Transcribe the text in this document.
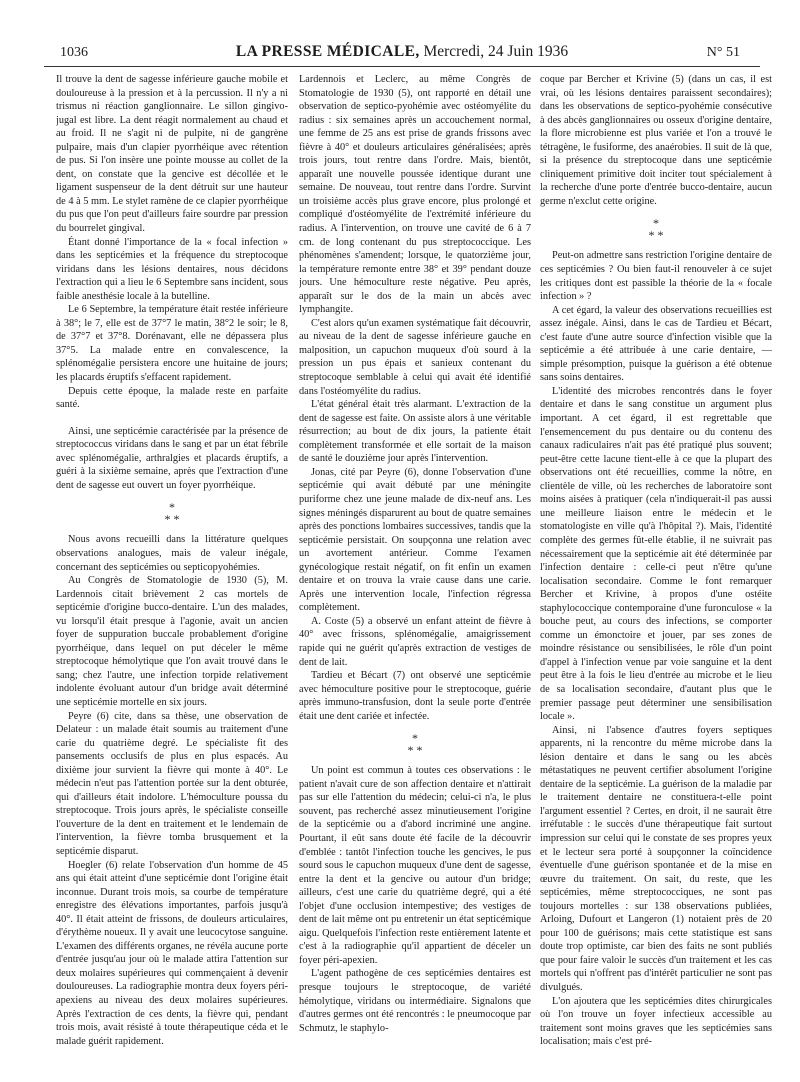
1036	LA PRESSE MÉDICALE, Mercredi, 24 Juin 1936	N° 51

Il trouve la dent de sagesse inférieure gauche mobile et douloureuse à la pression et à la percussion. Il n'y a ni trismus ni réaction ganglionnaire. Le sillon gingivo-jugal est libre. La dent réagit normalement au chaud et au froid. Il ne s'agit ni de pulpite, ni de gangrène pulpaire, mais d'un clapier pyorrhéique avec rétention de pus. Si l'on insère une pointe mousse au collet de la dent, on constate que la gencive est décollée et le ligament suspenseur de la dent détruit sur une hauteur de 4 à 5 mm. Le stylet ramène de ce clapier pyorrhéique du pus que l'on peut d'ailleurs faire sourdre par pression du bourrelet gingival.

Étant donné l'importance de la « focal infection » dans les septicémies et la fréquence du streptocoque viridans dans les lésions dentaires, nous décidons l'extraction qui a lieu le 6 Septembre sans incident, sous faible anesthésie locale à la butelline.

Le 6 Septembre, la température était restée inférieure à 38°; le 7, elle est de 37°7 le matin, 38°2 le soir; le 8, de 37°7 et 37°8. Dorénavant, elle ne dépassera plus 37°5. La malade entre en convalescence, la splénomégalie persistera encore une huitaine de jours; les placards éruptifs s'effacent rapidement.

Depuis cette époque, la malade reste en parfaite santé.

Ainsi, une septicémie caractérisée par la présence de streptococcus viridans dans le sang et par un état fébrile avec splénomégalie, arthralgies et placards éruptifs, a guéri à la sixième semaine, après que l'extraction d'une dent de sagesse eut ouvert un foyer pyorrhéique.

*
* *

Nous avons recueilli dans la littérature quelques observations analogues, mais de valeur inégale, concernant des septicémies ou septicopyohémies.

Au Congrès de Stomatologie de 1930 (5), M. Lardennois citait brièvement 2 cas mortels de septicémie d'origine bucco-dentaire. L'un des malades, vu lorsqu'il était presque à l'agonie, avait un ancien foyer de suppuration buccale probablement d'origine pyorrhéique, dans lequel on put déceler le même streptocoque hémolytique que l'on avait trouvé dans le sang; chez l'autre, une infection torpide relativement indolente évoluant autour d'un bridge avait déterminé une septicémie mortelle en six jours.

Peyre (6) cite, dans sa thèse, une observation de Delateur : un malade était soumis au traitement d'une carie du quatrième degré. Le spécialiste fit des pansements occlusifs de plus en plus espacés. Au dixième jour survient la fièvre qui monte à 40°. Le médecin n'eut pas l'attention portée sur la dent obturée, qui d'ailleurs était indolore. L'hémoculture poussa du streptocoque. Trois jours après, le spécialiste conseille l'ouverture de la dent en traitement et le lendemain de l'intervention, la fièvre tomba brusquement et la septicémie disparut.

Hoegler (6) relate l'observation d'un homme de 45 ans qui était atteint d'une septicémie dont l'origine était inconnue. Durant trois mois, sa courbe de température enregistre des élévations importantes, parfois jusqu'à 40°. Il était atteint de frissons, de douleurs articulaires, d'érythème noueux. Il y avait une leucocytose sanguine. L'examen des différents organes, ne révéla aucune porte d'entrée jusqu'au jour où le malade attira l'attention sur deux molaires supérieures qui commençaient à devenir douloureuses. La radiographie montra deux foyers péri-apexiens au niveau des deux molaires supérieures. Après l'extraction de ces dents, la fièvre qui, pendant trois mois, avait résisté à toute thérapeutique céda et le malade guérit rapidement.

Lardennois et Leclerc, au même Congrès de Stomatologie de 1930 (5), ont rapporté en détail une observation de septico-pyohémie avec ostéomyélite du radius : six semaines après un accouchement normal, une femme de 25 ans est prise de grands frissons avec fièvre à 40° et douleurs articulaires généralisées; après trois jours, tout rentre dans l'ordre. Mais, bientôt, apparaît une nouvelle poussée identique durant une semaine. De nouveau, tout rentre dans l'ordre. Survint un troisième accès plus grave encore, plus prolongé et compliqué d'ostéomyélite de l'extrémité inférieure du radius. A l'intervention, on trouve une cavité de 6 à 7 cm. de long contenant du pus streptococcique. Les phénomènes s'amendent; lorsque, le quatorzième jour, la température remonte entre 38° et 39° pendant douze jours. Une hémoculture reste négative. Peu après, apparaît sur le dos de la main un abcès avec lymphangite.

C'est alors qu'un examen systématique fait découvrir, au niveau de la dent de sagesse inférieure gauche en malposition, un capuchon muqueux d'où sourd à la pression un pus épais et sanieux contenant du streptocoque semblable à celui qui avait été identifié dans l'ostéomyélite du radius.

L'état général était très alarmant. L'extraction de la dent de sagesse est faite. On assiste alors à une véritable résurrection; au bout de dix jours, la patiente était complètement transformée et elle sortait de la maison de santé le douzième jour après l'intervention.

Jonas, cité par Peyre (6), donne l'observation d'une septicémie qui avait débuté par une méningite puriforme chez une jeune malade de dix-neuf ans. Les signes méningés disparurent au bout de quatre semaines après des ponctions lombaires successives, tandis que la septicémie persistait. On soupçonna une relation avec un avortement antérieur. Comme l'examen gynécologique restait négatif, on fit enfin un examen dentaire et on trouva la vraie cause dans une carie. Après une intervention locale, l'infection régressa complètement.

A. Coste (5) a observé un enfant atteint de fièvre à 40° avec frissons, splénomégalie, amaigrissement rapide qui ne guérit qu'après extraction de vestiges de dent de lait.

Tardieu et Bécart (7) ont observé une septicémie avec hémoculture positive pour le streptocoque, guérie après immuno-transfusion, dont la seule porte d'entrée était une dent cariée et infectée.

*
* *

Un point est commun à toutes ces observations : le patient n'avait cure de son affection dentaire et n'attirait pas sur elle l'attention du médecin; celui-ci n'a, le plus souvent, pas recherché assez minutieusement l'origine de la septicémie ou a d'abord incriminé une angine. Pourtant, il eût sans doute été facile de la découvrir d'emblée : tantôt l'infection touche les gencives, le pus sourd sous le capuchon muqueux d'une dent de sagesse, entre la dent et la gencive ou autour d'un bridge; ailleurs, c'est une carie du quatrième degré, qui a été l'objet d'une occlusion intempestive; des vestiges de dent de lait même ont pu entretenir un état septicémique aigu. Quelquefois l'infection reste entièrement latente et c'est à la radiographie qu'il appartient de déceler un foyer péri-apexien.

L'agent pathogène de ces septicémies dentaires est presque toujours le streptocoque, de variété hémolytique, viridans ou intermédiaire. Signalons que d'autres germes ont été rencontrés : le pneumocoque par Schmutz, le staphylo-

coque par Bercher et Krivine (5) (dans un cas, il est vrai, où les lésions dentaires paraissent secondaires); dans les observations de septico-pyohémie consécutive à des abcès ganglionnaires ou osseux d'origine dentaire, la flore microbienne est plus variée et l'on a trouvé le tétragène, le fusiforme, des anaérobies. Il suit de là que, si la présence du streptocoque dans une septicémie cliniquement primitive doit inciter tout spécialement à la recherche d'une porte d'entrée bucco-dentaire, aucun germe n'exclut cette origine.

*
* *

Peut-on admettre sans restriction l'origine dentaire de ces septicémies ? Ou bien faut-il renouveler à ce sujet les critiques dont est passible la théorie de la « focale infection » ?

A cet égard, la valeur des observations recueillies est assez inégale. Ainsi, dans le cas de Tardieu et Bécart, c'est faute d'une autre source d'infection visible que la septicémie a été attribuée à une carie dentaire, — simple présomption, puisque la guérison a été obtenue sans soins dentaires.

L'identité des microbes rencontrés dans le foyer dentaire et dans le sang constitue un argument plus important. A cet égard, il est regrettable que l'ensemencement du pus dentaire ou du contenu des canaux radiculaires n'ait pas été pratiqué plus souvent; peut-être cette lacune tient-elle à ce que la plupart des observations ont été recueillies, comme la nôtre, en clientèle de ville, où les recherches de laboratoire sont moins aisées à pratiquer (cela n'indiquerait-il pas aussi une meilleure liaison entre le médecin et le stomatologiste en ville qu'à l'hôpital ?). Mais, l'identité complète des germes fût-elle établie, il ne suivrait pas nécessairement que la septicémie ait été déterminée par l'infection dentaire : celle-ci peut n'être qu'une localisation secondaire. Comme le font remarquer Bercher et Krivine, à propos d'une ostéite staphylococcique contemporaine d'une furonculose « la bouche peut, au cours des infections, se comporter comme un émonctoire et jouer, par ses zones de moindre résistance ou sensibilisées, le rôle d'un point d'appel à l'infection venue par voie sanguine et la dent peut être à la fois le lieu d'entrée au microbe et le lieu de sa localisation secondaire, d'autant plus que le premier passage peut déterminer une sensibilisation locale ».

Ainsi, ni l'absence d'autres foyers septiques apparents, ni la rencontre du même microbe dans la lésion dentaire et dans le sang ou les abcès métastatiques ne peuvent certifier absolument l'origine dentaire de la septicémie. La guérison de la maladie par le traitement dentaire ne constituera-t-elle point l'argument essentiel ? Certes, en droit, il ne saurait être irréfutable : le succès d'une thérapeutique fait surtout impression sur celui qui le constate de ses propres yeux et le lecteur sera porté à soupçonner la coïncidence éventuelle d'une guérison spontanée et de la mise en œuvre du traitement. On sait, du reste, que les septicémies, même streptococciques, ne sont pas toujours mortelles : sur 138 observations publiées, Arloing, Dufourt et Langeron (1) notaient près de 20 pour 100 de guérisons; mais cette statistique est sans doute trop optimiste, car bien des faits ne sont publiés que pour faire valoir le succès d'un traitement et les cas mortels qui n'offrent pas d'intérêt particulier ne sont pas divulgués.

L'on ajoutera que les septicémies dites chirurgicales où l'on trouve un foyer infectieux accessible au traitement sont moins graves que les septicémies sans localisation; mais c'est pré-
